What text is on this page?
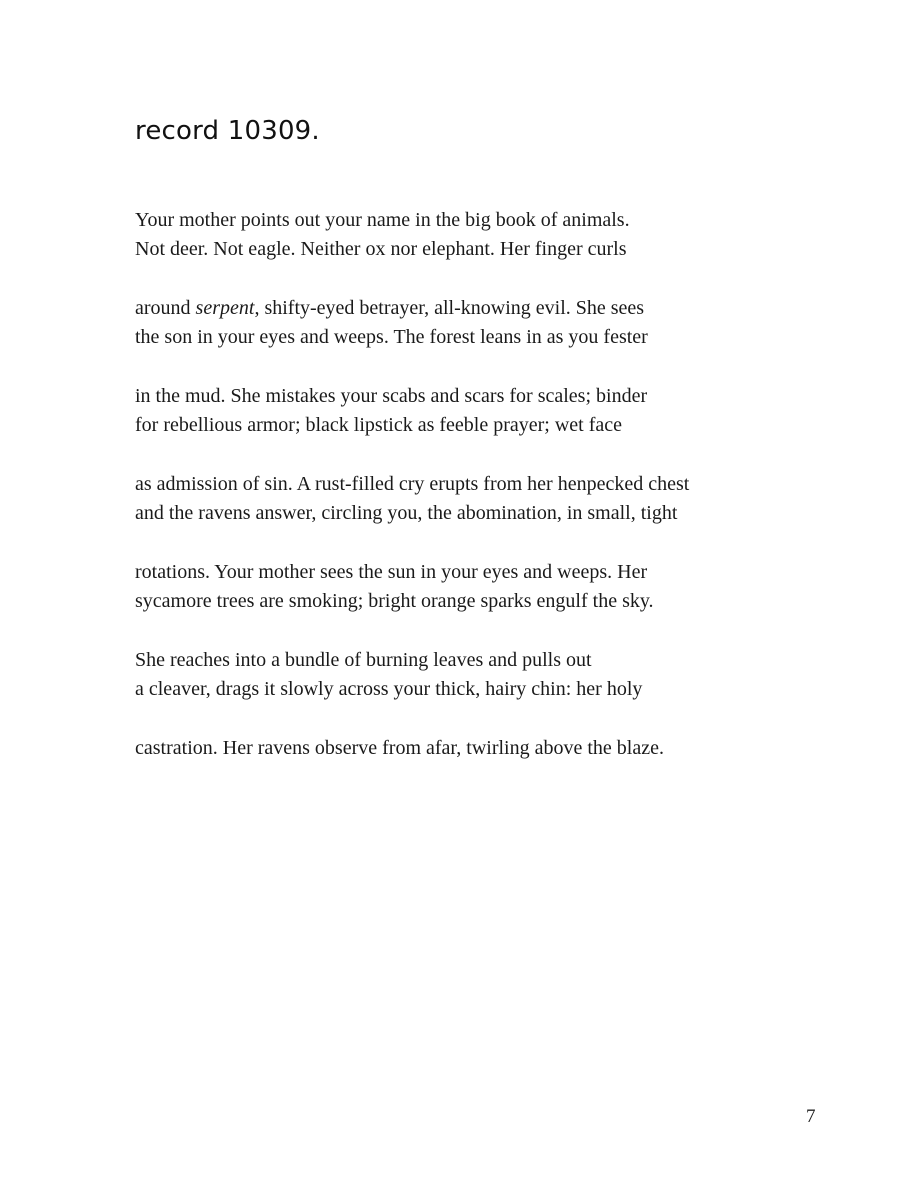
record 10309.

Your mother points out your name in the big book of animals.
Not deer. Not eagle. Neither ox nor elephant. Her finger curls

around serpent, shifty-eyed betrayer, all-knowing evil. She sees
the son in your eyes and weeps. The forest leans in as you fester

in the mud. She mistakes your scabs and scars for scales; binder
for rebellious armor; black lipstick as feeble prayer; wet face

as admission of sin. A rust-filled cry erupts from her henpecked chest
and the ravens answer, circling you, the abomination, in small, tight

rotations. Your mother sees the sun in your eyes and weeps. Her
sycamore trees are smoking; bright orange sparks engulf the sky.

She reaches into a bundle of burning leaves and pulls out
a cleaver, drags it slowly across your thick, hairy chin: her holy

castration. Her ravens observe from afar, twirling above the blaze.

7
